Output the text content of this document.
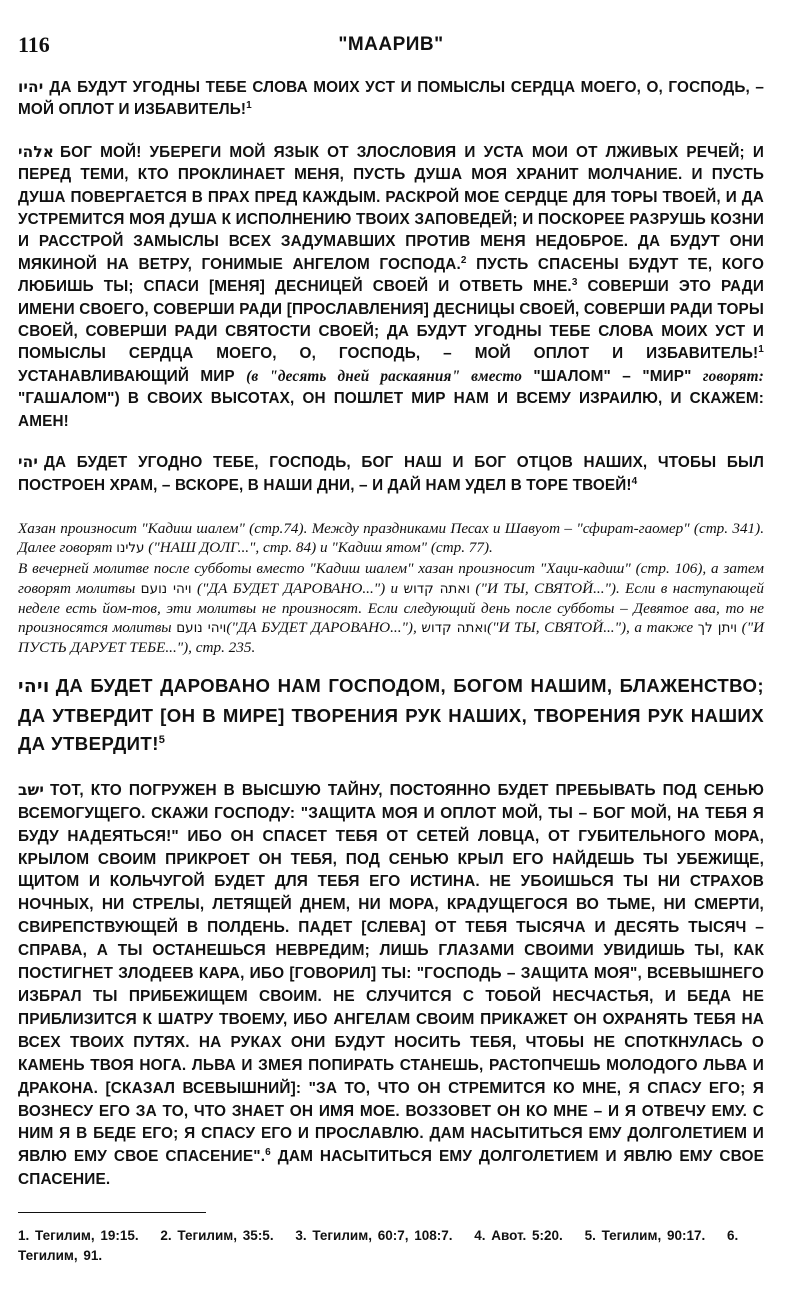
116	"МААРИВ"

יהיו ДА БУДУТ УГОДНЫ ТЕБЕ СЛОВА МОИХ УСТ И ПОМЫСЛЫ СЕРДЦА МОЕГО, О, ГОСПОДЬ, – МОЙ ОПЛОТ И ИЗБАВИТЕЛЬ!$^1$

אלהי БОГ МОЙ! УБЕРЕГИ МОЙ ЯЗЫК ОТ ЗЛОСЛОВИЯ И УСТА МОИ ОТ ЛЖИВЫХ РЕЧЕЙ; И ПЕРЕД ТЕМИ, КТО ПРОКЛИНАЕТ МЕНЯ, ПУСТЬ ДУША МОЯ ХРАНИТ МОЛЧАНИЕ. И ПУСТЬ ДУША ПОВЕРГАЕТСЯ В ПРАХ ПРЕД КАЖДЫМ. РАСКРОЙ МОЕ СЕРДЦЕ ДЛЯ ТОРЫ ТВОЕЙ, И ДА УСТРЕМИТСЯ МОЯ ДУША К ИСПОЛНЕНИЮ ТВОИХ ЗАПОВЕДЕЙ; И ПОСКОРЕЕ РАЗРУШЬ КОЗНИ И РАССТРОЙ ЗАМЫСЛЫ ВСЕХ ЗАДУМАВШИХ ПРОТИВ МЕНЯ НЕДОБРОЕ. ДА БУДУТ ОНИ МЯКИНОЙ НА ВЕТРУ, ГОНИМЫЕ АНГЕЛОМ ГОСПОДА.$^2$ ПУСТЬ СПАСЕНЫ БУДУТ ТЕ, КОГО ЛЮБИШЬ ТЫ; СПАСИ [МЕНЯ] ДЕСНИЦЕЙ СВОЕЙ И ОТВЕТЬ МНЕ.$^3$ СОВЕРШИ ЭТО РАДИ ИМЕНИ СВОЕГО, СОВЕРШИ РАДИ [ПРОСЛАВЛЕНИЯ] ДЕСНИЦЫ СВОЕЙ, СОВЕРШИ РАДИ ТОРЫ СВОЕЙ, СОВЕРШИ РАДИ СВЯТОСТИ СВОЕЙ; ДА БУДУТ УГОДНЫ ТЕБЕ СЛОВА МОИХ УСТ И ПОМЫСЛЫ СЕРДЦА МОЕГО, О, ГОСПОДЬ, – МОЙ ОПЛОТ И ИЗБАВИТЕЛЬ!$^1$ УСТАНАВЛИВАЮЩИЙ МИР (в "десять дней раскаяния" вместо "ШАЛОМ" – "МИР" говорят: "ГАШАЛОМ") В СВОИХ ВЫСОТАХ, ОН ПОШЛЕТ МИР НАМ И ВСЕМУ ИЗРАИЛЮ, И СКАЖЕМ: АМЕН!

יהי ДА БУДЕТ УГОДНО ТЕБЕ, ГОСПОДЬ, БОГ НАШ И БОГ ОТЦОВ НАШИХ, ЧТОБЫ БЫЛ ПОСТРОЕН ХРАМ, – ВСКОРЕ, В НАШИ ДНИ, – И ДАЙ НАМ УДЕЛ В ТОРЕ ТВОЕЙ!$^4$

Хазан произносит "Кадиш шалем" (стр.74). Между праздниками Песах и Шавуот – "сфират-гаомер" (стр. 341). Далее говорят עלינו ("НАШ ДОЛГ...", стр. 84) и "Кадиш ятом" (стр. 77).

В вечерней молитве после субботы вместо "Кадиш шалем" хазан произносит "Хаци-кадиш" (стр. 106), а затем говорят молитвы ויהי נועם ("ДА БУДЕТ ДАРОВАНО...") и ואתה קדוש ("И ТЫ, СВЯТОЙ..."). Если в наступающей неделе есть йом-тов, эти молитвы не произносят. Если следующий день после субботы – Девятое ава, то не произносятся молитвы ויהי נועם("ДА БУДЕТ ДАРОВАНО..."), ואתה קדוש("И ТЫ, СВЯТОЙ..."), а также ויתן לך ("И ПУСТЬ ДАРУЕТ ТЕБЕ..."), стр. 235.

ויהי ДА БУДЕТ ДАРОВАНО НАМ ГОСПОДОМ, БОГОМ НАШИМ, БЛАЖЕНСТВО; ДА УТВЕРДИТ [ОН В МИРЕ] ТВОРЕНИЯ РУК НАШИХ, ТВОРЕНИЯ РУК НАШИХ ДА УТВЕРДИТ!$^5$

ישב ТОТ, КТО ПОГРУЖЕН В ВЫСШУЮ ТАЙНУ, ПОСТОЯННО БУДЕТ ПРЕБЫВАТЬ ПОД СЕНЬЮ ВСЕМОГУЩЕГО. СКАЖИ ГОСПОДУ: "ЗАЩИТА МОЯ И ОПЛОТ МОЙ, ТЫ – БОГ МОЙ, НА ТЕБЯ Я БУДУ НАДЕЯТЬСЯ!" ИБО ОН СПАСЕТ ТЕБЯ ОТ СЕТЕЙ ЛОВЦА, ОТ ГУБИТЕЛЬНОГО МОРА, КРЫЛОМ СВОИМ ПРИКРОЕТ ОН ТЕБЯ, ПОД СЕНЬЮ КРЫЛ ЕГО НАЙДЕШЬ ТЫ УБЕЖИЩЕ, ЩИТОМ И КОЛЬЧУГОЙ БУДЕТ ДЛЯ ТЕБЯ ЕГО ИСТИНА. НЕ УБОИШЬСЯ ТЫ НИ СТРАХОВ НОЧНЫХ, НИ СТРЕЛЫ, ЛЕТЯЩЕЙ ДНЕМ, НИ МОРА, КРАДУЩЕГОСЯ ВО ТЬМЕ, НИ СМЕРТИ, СВИРЕПСТВУЮЩЕЙ В ПОЛДЕНЬ. ПАДЕТ [СЛЕВА] ОТ ТЕБЯ ТЫСЯЧА И ДЕСЯТЬ ТЫСЯЧ – СПРАВА, А ТЫ ОСТАНЕШЬСЯ НЕВРЕДИМ; ЛИШЬ ГЛАЗАМИ СВОИМИ УВИДИШЬ ТЫ, КАК ПОСТИГНЕТ ЗЛОДЕЕВ КАРА, ИБО [ГОВОРИЛ] ТЫ: "ГОСПОДЬ – ЗАЩИТА МОЯ", ВСЕВЫШНЕГО ИЗБРАЛ ТЫ ПРИБЕЖИЩЕМ СВОИМ. НЕ СЛУЧИТСЯ С ТОБОЙ НЕСЧАСТЬЯ, И БЕДА НЕ ПРИБЛИЗИТСЯ К ШАТРУ ТВОЕМУ, ИБО АНГЕЛАМ СВОИМ ПРИКАЖЕТ ОН ОХРАНЯТЬ ТЕБЯ НА ВСЕХ ТВОИХ ПУТЯХ. НА РУКАХ ОНИ БУДУТ НОСИТЬ ТЕБЯ, ЧТОБЫ НЕ СПОТКНУЛАСЬ О КАМЕНЬ ТВОЯ НОГА. ЛЬВА И ЗМЕЯ ПОПИРАТЬ СТАНЕШЬ, РАСТОПЧЕШЬ МОЛОДОГО ЛЬВА И ДРАКОНА. [СКАЗАЛ ВСЕВЫШНИЙ]: "ЗА ТО, ЧТО ОН СТРЕМИТСЯ КО МНЕ, Я СПАСУ ЕГО; Я ВОЗНЕСУ ЕГО ЗА ТО, ЧТО ЗНАЕТ ОН ИМЯ МОЕ. ВОЗЗОВЕТ ОН КО МНЕ – И Я ОТВЕЧУ ЕМУ. С НИМ Я В БЕДЕ ЕГО; Я СПАСУ ЕГО И ПРОСЛАВЛЮ. ДАМ НАСЫТИТЬСЯ ЕМУ ДОЛГОЛЕТИЕМ И ЯВЛЮ ЕМУ СВОЕ СПАСЕНИЕ".$^6$ ДАМ НАСЫТИТЬСЯ ЕМУ ДОЛГОЛЕТИЕМ И ЯВЛЮ ЕМУ СВОЕ СПАСЕНИЕ.

1. Тегилим, 19:15. 2. Тегилим, 35:5. 3. Тегилим, 60:7, 108:7. 4. Авот. 5:20. 5. Тегилим, 90:17. 6. Тегилим, 91.
